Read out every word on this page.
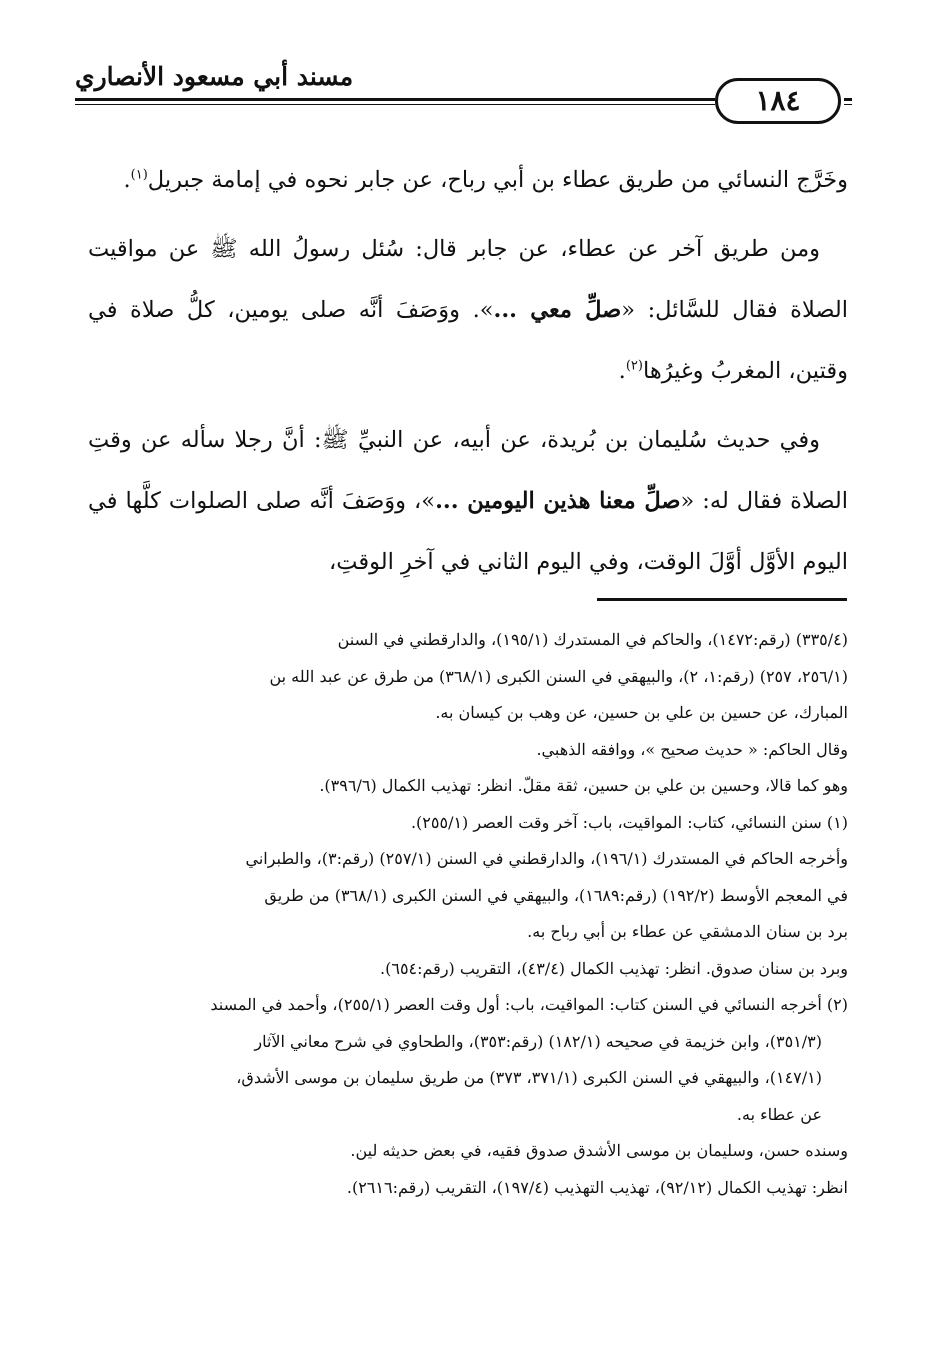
مسند أبي مسعود الأنصاري
١٨٤

وخَرَّج النسائي من طريق عطاء بن أبي رباح، عن جابر نحوه في إمامة جبريل$^{(١)}$.

ومن طريق آخر عن عطاء، عن جابر قال: سُئل رسولُ الله ﷺ عن مواقيت الصلاة فقال للسَّائل: «صلِّ معي ...». ووَصَفَ أنَّه صلى يومين، كلُّ صلاة في وقتين، المغربُ وغيرُها$^{(٢)}$.

وفي حديث سُليمان بن بُريدة، عن أبيه، عن النبيِّ ﷺ: أنَّ رجلا سأله عن وقتِ الصلاة فقال له: «صلِّ معنا هذين اليومين ...»، ووَصَفَ أنَّه صلى الصلوات كلَّها في اليوم الأوَّل أوَّلَ الوقت، وفي اليوم الثاني في آخرِ الوقتِ،

(٣٣٥/٤) (رقم:١٤٧٢)، والحاكم في المستدرك (١٩٥/١)، والدارقطني في السنن

(٢٥٦/١، ٢٥٧) (رقم:١، ٢)، والبيهقي في السنن الكبرى (٣٦٨/١) من طرق عن عبد الله بن

المبارك، عن حسين بن علي بن حسين، عن وهب بن كيسان به.

وقال الحاكم: « حديث صحيح »، ووافقه الذهبي.

وهو كما قالا، وحسين بن علي بن حسين، ثقة مقلّ. انظر: تهذيب الكمال (٣٩٦/٦).

(١) سنن النسائي، كتاب: المواقيت، باب: آخر وقت العصر (٢٥٥/١).

وأخرجه الحاكم في المستدرك (١٩٦/١)، والدارقطني في السنن (٢٥٧/١) (رقم:٣)، والطبراني

في المعجم الأوسط (١٩٢/٢) (رقم:١٦٨٩)، والبيهقي في السنن الكبرى (٣٦٨/١) من طريق

برد بن سنان الدمشقي عن عطاء بن أبي رباح به.

وبرد بن سنان صدوق. انظر: تهذيب الكمال (٤٣/٤)، التقريب (رقم:٦٥٤).

(٢) أخرجه النسائي في السنن كتاب: المواقيت، باب: أول وقت العصر (٢٥٥/١)، وأحمد في المسند

(٣٥١/٣)، وابن خزيمة في صحيحه (١٨٢/١) (رقم:٣٥٣)، والطحاوي في شرح معاني الآثار

(١٤٧/١)، والبيهقي في السنن الكبرى (٣٧١/١، ٣٧٣) من طريق سليمان بن موسى الأشدق،

عن عطاء به.

وسنده حسن، وسليمان بن موسى الأشدق صدوق فقيه، في بعض حديثه لين.

انظر: تهذيب الكمال (٩٢/١٢)، تهذيب التهذيب (١٩٧/٤)، التقريب (رقم:٢٦١٦).
